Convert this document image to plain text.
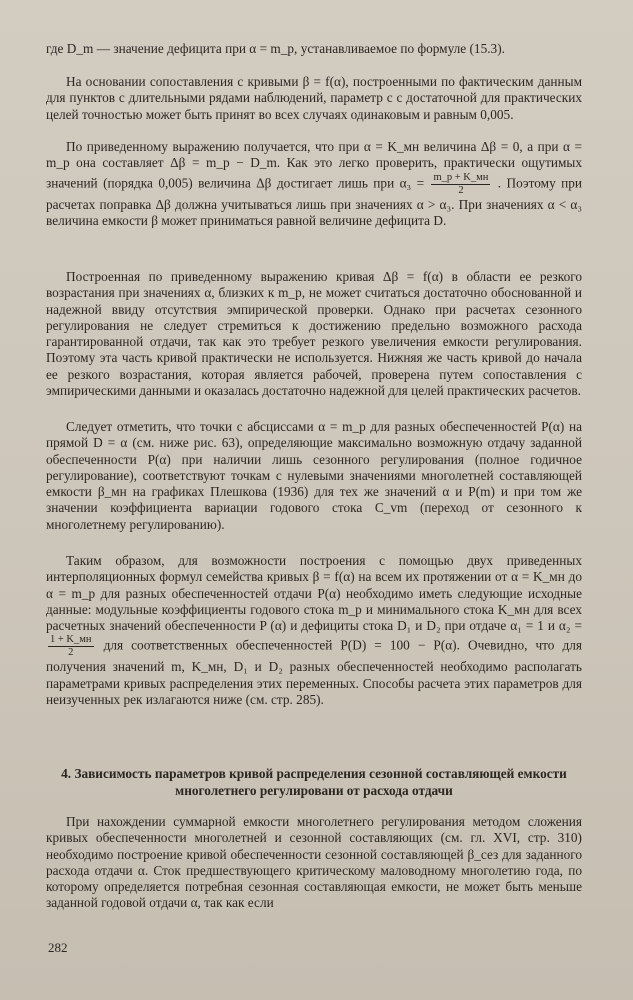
где D_m — значение дефицита при α = m_p, устанавливаемое по формуле (15.3).

На основании сопоставления с кривыми β = f(α), построенными по фактическим данным для пунктов с длительными рядами наблюдений, параметр c с достаточной для практических целей точностью может быть принят во всех случаях одинаковым и равным 0,005.

По приведенному выражению получается, что при α = K_мн величина Δβ = 0, а при α = m_p она составляет Δβ = m_p − D_m. Как это легко проверить, практически ощутимых значений (порядка 0,005) величина Δβ достигает лишь при $\alpha_3 = \frac{m\_p + K\_мн}{2}$ . Поэтому при расчетах поправка Δβ должна учитываться лишь при значениях α > α₃. При значениях α < α₃ величина емкости β может приниматься равной величине дефицита D.

Построенная по приведенному выражению кривая Δβ = f(α) в области ее резкого возрастания при значениях α, близких к m_p, не может считаться достаточно обоснованной и надежной ввиду отсутствия эмпирической проверки. Однако при расчетах сезонного регулирования не следует стремиться к достижению предельно возможного расхода гарантированной отдачи, так как это требует резкого увеличения емкости регулирования. Поэтому эта часть кривой практически не используется. Нижняя же часть кривой до начала ее резкого возрастания, которая является рабочей, проверена путем сопоставления с эмпирическими данными и оказалась достаточно надежной для целей практических расчетов.

Следует отметить, что точки с абсциссами α = m_p для разных обеспеченностей P(α) на прямой D = α (см. ниже рис. 63), определяющие максимально возможную отдачу заданной обеспеченности P(α) при наличии лишь сезонного регулирования (полное годичное регулирование), соответствуют точкам с нулевыми значениями многолетней составляющей емкости β_мн на графиках Плешкова (1936) для тех же значений α и P(m) и при том же значении коэффициента вариации годового стока C_vm (переход от сезонного к многолетнему регулированию).

Таким образом, для возможности построения с помощью двух приведенных интерполяционных формул семейства кривых β = f(α) на всем их протяжении от α = K_мн до α = m_p для разных обеспеченностей отдачи P(α) необходимо иметь следующие исходные данные: модульные коэффициенты годового стока m_p и минимального стока K_мн для всех расчетных значений обеспеченности P (α) и дефициты стока D₁ и D₂ при отдаче α₁ = 1 и α₂ =
$\frac{1 + K\_мн}{2}$ для соответственных обеспеченностей P(D) = 100 − P(α). Очевидно, что для получения значений m, K_мн, D₁ и D₂ разных обеспеченностей необходимо располагать параметрами кривых распределения этих переменных. Способы расчета этих параметров для неизученных рек излагаются ниже (см. стр. 285).

4. Зависимость параметров кривой распределения сезонной составляющей емкости многолетнего регулировани от расхода отдачи

При нахождении суммарной емкости многолетнего регулирования методом сложения кривых обеспеченности многолетней и сезонной составляющих (см. гл. XVI, стр. 310) необходимо построение кривой обеспеченности сезонной составляющей β_сез для заданного расхода отдачи α. Сток предшествующего критическому маловодному многолетию года, по которому определяется потребная сезонная составляющая емкости, не может быть меньше заданной годовой отдачи α, так как если

282
